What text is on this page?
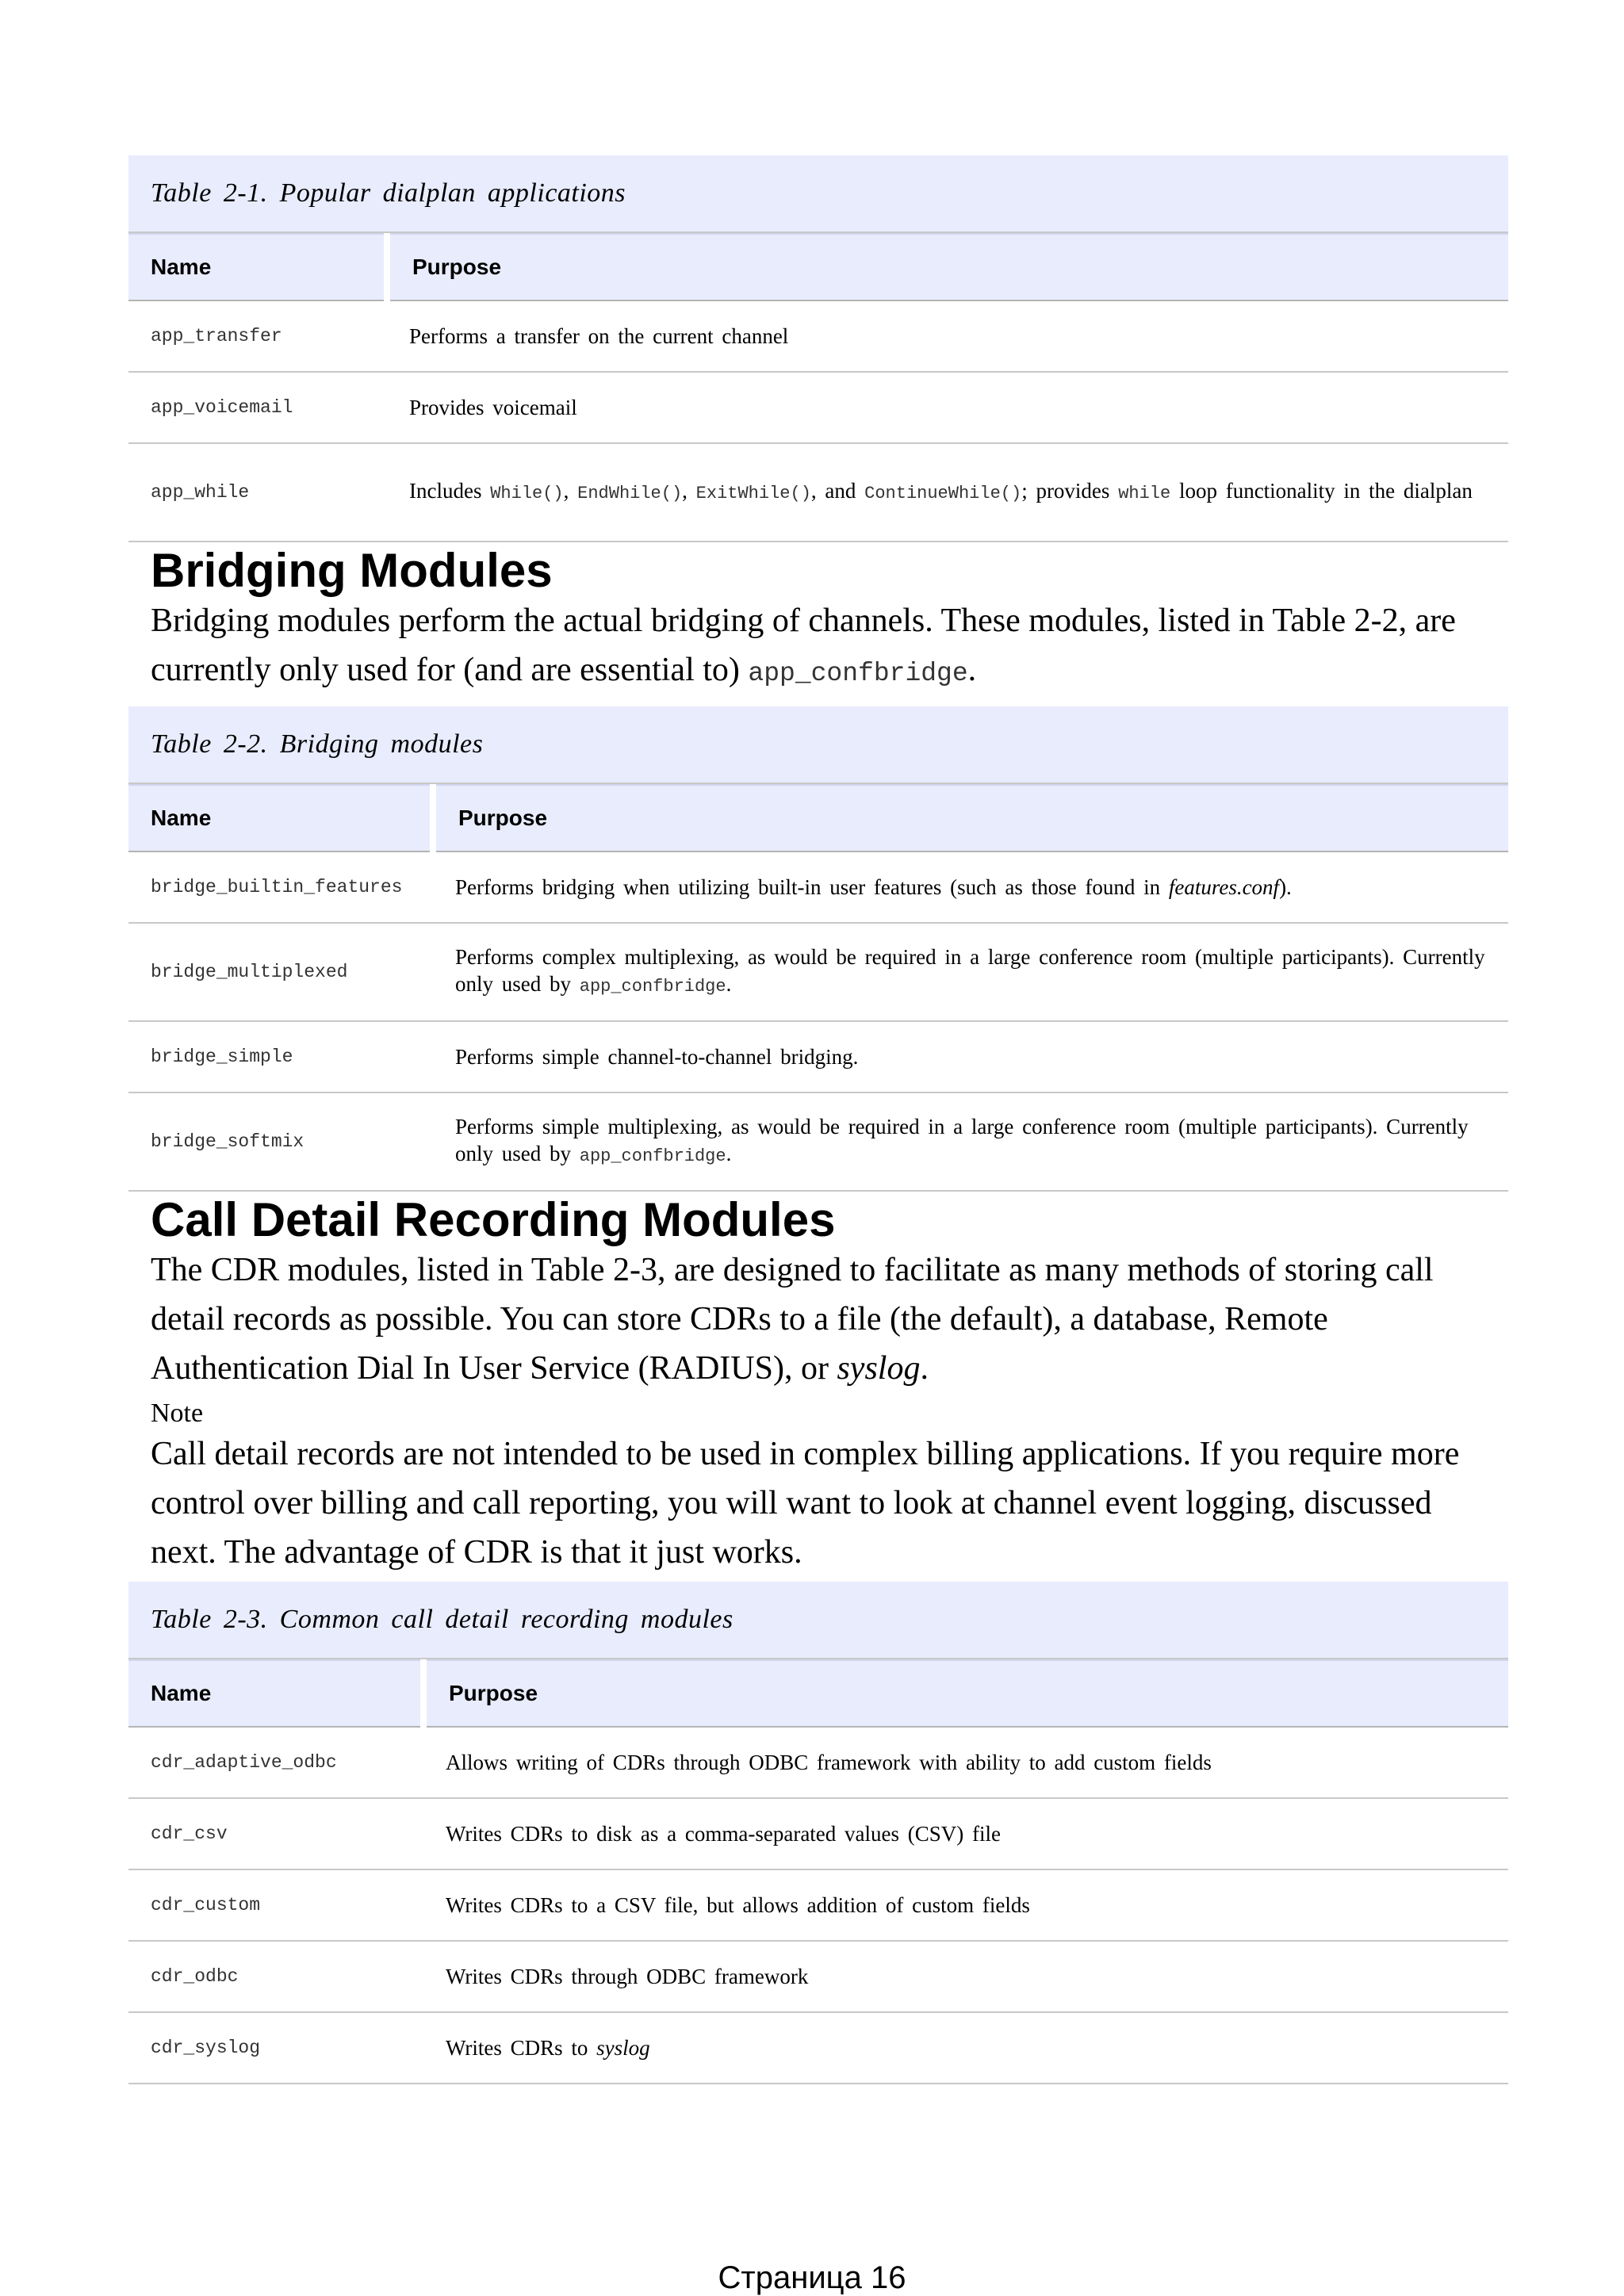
Table 2-1. Popular dialplan applications
Name	Purpose
app_transfer	Performs a transfer on the current channel
app_voicemail	Provides voicemail
app_while	Includes While(), EndWhile(), ExitWhile(), and ContinueWhile(); provides while loop functionality in the dialplan
Bridging Modules

Bridging modules perform the actual bridging of channels. These modules, listed in Table 2-2, are currently only used for (and are essential to) app_confbridge.

Table 2-2. Bridging modules
Name	Purpose
bridge_builtin_features	Performs bridging when utilizing built-in user features (such as those found in features.conf).
bridge_multiplexed	Performs complex multiplexing, as would be required in a large conference room (multiple participants). Currently only used by app_confbridge.
bridge_simple	Performs simple channel-to-channel bridging.
bridge_softmix	Performs simple multiplexing, as would be required in a large conference room (multiple participants). Currently only used by app_confbridge.
Call Detail Recording Modules

The CDR modules, listed in Table 2-3, are designed to facilitate as many methods of storing call detail records as possible. You can store CDRs to a file (the default), a database, Remote Authentication Dial In User Service (RADIUS), or syslog.

Note

Call detail records are not intended to be used in complex billing applications. If you require more control over billing and call reporting, you will want to look at channel event logging, discussed next. The advantage of CDR is that it just works.

Table 2-3. Common call detail recording modules
Name	Purpose
cdr_adaptive_odbc	Allows writing of CDRs through ODBC framework with ability to add custom fields
cdr_csv	Writes CDRs to disk as a comma-separated values (CSV) file
cdr_custom	Writes CDRs to a CSV file, but allows addition of custom fields
cdr_odbc	Writes CDRs through ODBC framework
cdr_syslog	Writes CDRs to syslog
Страница 16
